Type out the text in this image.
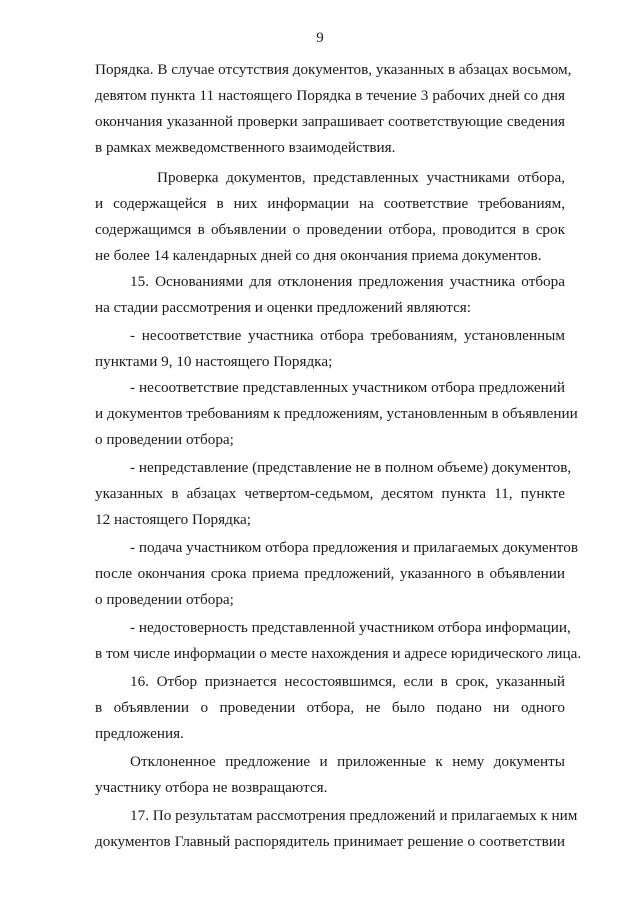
9
Порядка. В случае отсутствия документов, указанных в абзацах восьмом,
девятом пункта 11 настоящего Порядка в течение 3 рабочих дней со дня
окончания указанной проверки запрашивает соответствующие сведения
в рамках межведомственного взаимодействия.
Проверка документов, представленных участниками отбора,
и содержащейся в них информации на соответствие требованиям,
содержащимся в объявлении о проведении отбора, проводится в срок
не более 14 календарных дней со дня окончания приема документов.
15. Основаниями для отклонения предложения участника отбора
на стадии рассмотрения и оценки предложений являются:
- несоответствие участника отбора требованиям, установленным
пунктами 9, 10 настоящего Порядка;
- несоответствие представленных участником отбора предложений
и документов требованиям к предложениям, установленным в объявлении
о проведении отбора;
- непредставление (представление не в полном объеме) документов,
указанных в абзацах четвертом-седьмом, десятом пункта 11, пункте
12 настоящего Порядка;
- подача участником отбора предложения и прилагаемых документов
после окончания срока приема предложений, указанного в объявлении
о проведении отбора;
- недостоверность представленной участником отбора информации,
в том числе информации о месте нахождения и адресе юридического лица.
16. Отбор признается несостоявшимся, если в срок, указанный
в объявлении о проведении отбора, не было подано ни одного
предложения.
Отклоненное предложение и приложенные к нему документы
участнику отбора не возвращаются.
17. По результатам рассмотрения предложений и прилагаемых к ним
документов Главный распорядитель принимает решение о соответствии
